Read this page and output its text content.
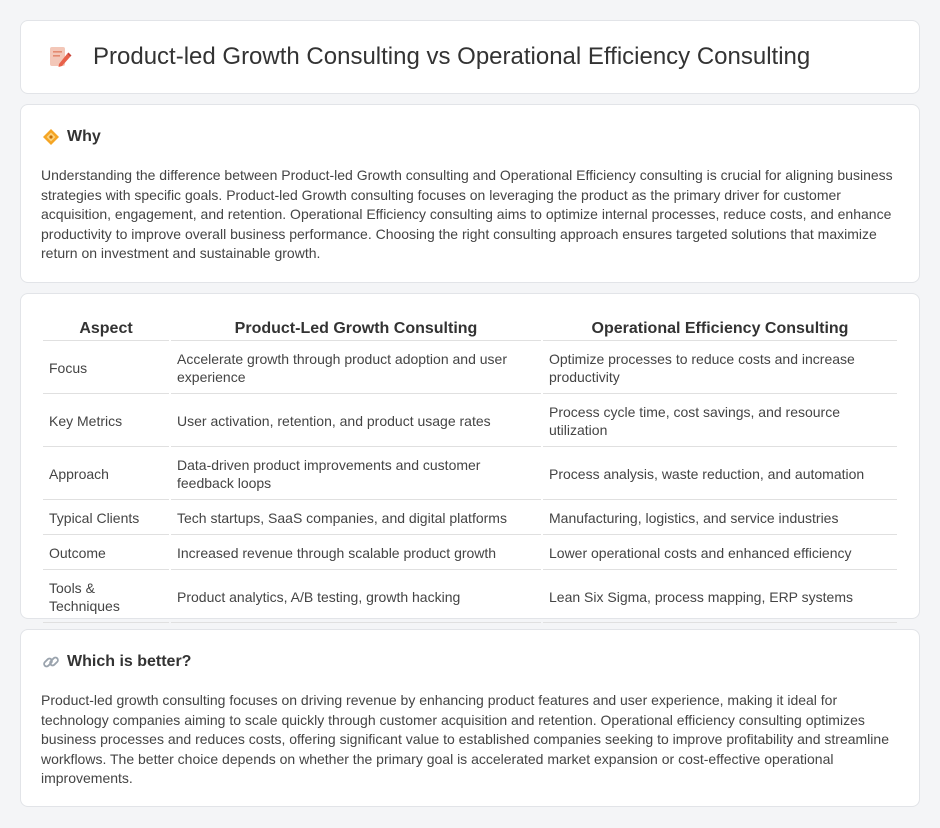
Product-led Growth Consulting vs Operational Efficiency Consulting
Why

Understanding the difference between Product-led Growth consulting and Operational Efficiency consulting is crucial for aligning business strategies with specific goals. Product-led Growth consulting focuses on leveraging the product as the primary driver for customer acquisition, engagement, and retention. Operational Efficiency consulting aims to optimize internal processes, reduce costs, and enhance productivity to improve overall business performance. Choosing the right consulting approach ensures targeted solutions that maximize return on investment and sustainable growth.

Aspect	Product-Led Growth Consulting	Operational Efficiency Consulting
Focus	Accelerate growth through product adoption and user experience	Optimize processes to reduce costs and increase productivity
Key Metrics	User activation, retention, and product usage rates	Process cycle time, cost savings, and resource utilization
Approach	Data-driven product improvements and customer feedback loops	Process analysis, waste reduction, and automation
Typical Clients	Tech startups, SaaS companies, and digital platforms	Manufacturing, logistics, and service industries
Outcome	Increased revenue through scalable product growth	Lower operational costs and enhanced efficiency
Tools & Techniques	Product analytics, A/B testing, growth hacking	Lean Six Sigma, process mapping, ERP systems
Which is better?

Product-led growth consulting focuses on driving revenue by enhancing product features and user experience, making it ideal for technology companies aiming to scale quickly through customer acquisition and retention. Operational efficiency consulting optimizes business processes and reduces costs, offering significant value to established companies seeking to improve profitability and streamline workflows. The better choice depends on whether the primary goal is accelerated market expansion or cost-effective operational improvements.
